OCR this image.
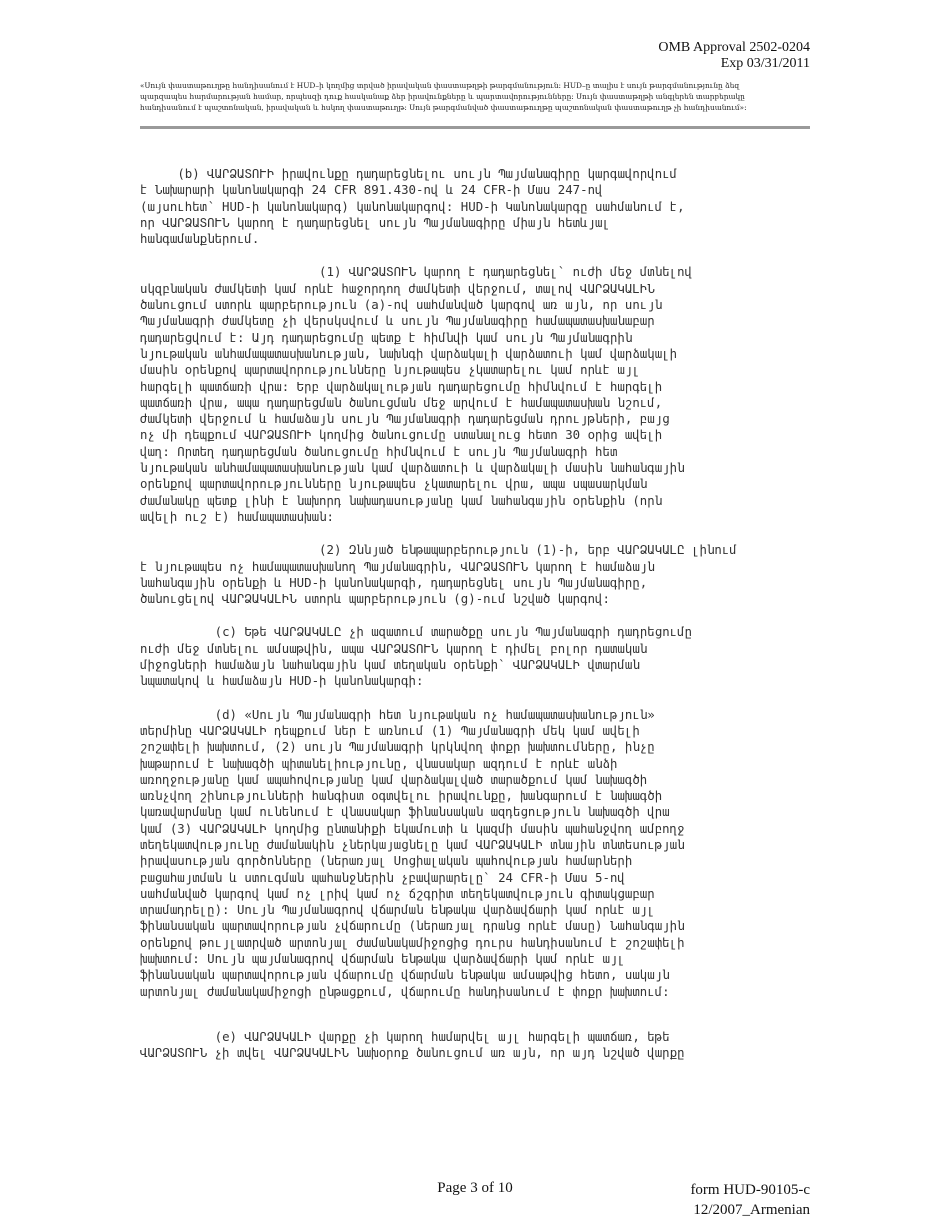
OMB Approval 2502-0204
Exp 03/31/2011
«Սույն փաստաթուղթը հանդիսանում է HUD–ի կողմից տրված իրավական փաստաթղթի թարգմանություն։ HUD–ը տալիս է սույն թարգմանությունը ձեզ
պարզապես հարմարության համար, որպեսզի դուք հասկանաք ձեր իրավունքները և պարտավորությունները։ Սույն փաստաթղթի անգլերեն տարբերակը
հանդիսանում է պաշտոնական, իրավական և հսկող փաստաթուղթ։ Սույն թարգմանված փաստաթուղթը պաշտոնական փաստաթուղթ չի հանդիսանում»։

(b) ՎԱՐՁԱՏՈՒԻ իրավունքը դադարեցնելու սույն Պայմանագիրը կարգավորվում
է Նախարարի կանոնակարգի 24 CFR 891.430-ով և 24 CFR-ի Մաս 247-ով
(այսուհետ՝ HUD-ի կանոնակարգ) կանոնակարգով: HUD-ի Կանոնակարգը սահմանում է,
որ ՎԱՐՁԱՏՈՒՆ կարող է դադարեցնել սույն Պայմանագիրը միայն հետևյալ
հանգամանքներում.

(1) ՎԱՐՁԱՏՈՒՆ կարող է դադարեցնել` ուժի մեջ մտնելով
սկզբնական ժամկետի կամ որևէ հաջորդող ժամկետի վերջում, տալով ՎԱՐՁԱԿԱԼԻՆ
ծանուցում ստորև պարբերություն (a)-ով սահմանված կարգով առ այն, որ սույն
Պայմանագրի ժամկետը չի վերսկսվում և սույն Պայմանագիրը համապատասխանաբար
դադարեցվում է: Այդ դադարեցումը պետք է հիմնվի կամ սույն Պայմանագրին
նյութական անհամապատասխանության, նախնգի վարձակալի վարձատուի կամ վարձակալի
մասին օրենքով պարտավորությունները նյութապես չկատարելու կամ որևէ այլ
հարգելի պատճառի վրա: Երբ վարձակալության դադարեցումը հիմնվում է հարգելի
պատճառի վրա, ապա դադարեցման ծանուցման մեջ արվում է համապատասխան նշում,
ժամկետի վերջում և համաձայն սույն Պայմանագրի դադարեցման դրույթների, բայց
ոչ մի դեպքում ՎԱՐՁԱՏՈՒԻ կողմից ծանուցումը ստանալուց հետո 30 օրից ավելի
վաղ: Որտեղ դադարեցման ծանուցումը հիմնվում է սույն Պայմանագրի հետ
նյութական անհամապատասխանության կամ վարձատուի և վարձակալի մասին նահանգային
օրենքով պարտավորությունները նյութապես չկատարելու վրա, ապա սպասարկման
ժամանակը պետք լինի է նախորդ նախադասությանը կամ նահանգային օրենքին (որն
ավելի ուշ է) համապատասխան:

(2) Զննյած ենթապարբերություն (1)-ի, երբ ՎԱՐՁԱԿԱԼԸ լինում
է նյութապես ոչ համապատասխանող Պայմանագրին, ՎԱՐՁԱՏՈՒՆ կարող է համաձայն
նահանգային օրենքի և HUD-ի կանոնակարգի, դադարեցնել սույն Պայմանագիրը,
ծանուցելով ՎԱՐՁԱԿԱԼԻՆ ստորև պարբերություն (g)-ում նշված կարգով:

(c) Եթե ՎԱՐՁԱԿԱԼԸ չի ազատում տարածքը սույն Պայմանագրի դադրեցումը
ուժի մեջ մտնելու ամսաթվին, ապա ՎԱՐՁԱՏՈՒՆ կարող է դիմել բոլոր դատական
միջոցների համաձայն նահանգային կամ տեղական օրենքի` ՎԱՐՁԱԿԱԼԻ վտարման
նպատակով և համաձայն HUD-ի կանոնակարգի:

(d) «Սույն Պայմանագրի հետ նյութական ոչ համապատասխանություն»
տերմինը ՎԱՐՁԱԿԱԼԻ դեպքում ներ է առնում (1) Պայմանագրի մեկ կամ ավելի
շոշափելի խախտում, (2) սույն Պայմանագրի կրկնվող փոքր խախտումները, ինչը
խաթարում է նախագծի պիտանելիությունը, վնասակար ազդում է որևէ անձի
առողջությանը կամ ապահովությանը կամ վարձակալված տարածքում կամ նախագծի
առնչվող շինությունների հանգիստ օգտվելու իրավունքը, խանգարում է նախագծի
կառավարմանը կամ ունենում է վնասակար ֆինանսական ազդեցություն նախագծի վրա
կամ (3) ՎԱՐՁԱԿԱԼԻ կողմից ընտանիքի եկամուտի և կազմի մասին պահանջվող ամբողջ
տեղեկատվությունը ժամանակին չներկայացնելը կամ ՎԱՐՁԱԿԱԼԻ տնային տնտեսության
իրավասության գործոնները (ներառյալ Սոցիալական պահովության համարների
բացահայտման և ստուգման պահանջներին չբավարարելը` 24 CFR-ի Մաս 5-ով
սահմանված կարգով կամ ոչ լրիվ կամ ոչ ճշգրիտ տեղեկատվություն գիտակցաբար
տրամադրելը): Սույն Պայմանագրով վճարման ենթակա վարձավճարի կամ որևէ այլ
ֆինանսական պարտավորության չվճարումը (ներառյալ դրանց որևէ մասը) Նահանգային
օրենքով թույլատրված արտոնյալ ժամանակամիջոցից դուրս հանդիսանում է շոշափելի
խախտում: Սույն պայմանագրով վճարման ենթակա վարձավճարի կամ որևէ այլ
ֆինանսական պարտավորության վճարումը վճարման ենթակա ամսաթվից հետո, սակայն
արտոնյալ ժամանակամիջոցի ընթացքում, վճարումը հանդիսանում է փոքր խախտում:

(e) ՎԱՐՁԱԿԱԼԻ վարքը չի կարող համարվել այլ հարգելի պատճառ, եթե
ՎԱՐՁԱՏՈՒՆ չի տվել ՎԱՐՁԱԿԱԼԻՆ նախօրոք ծանուցում առ այն, որ այդ նշված վարքը

Page 3 of 10	form HUD-90105-c
12/2007_Armenian
